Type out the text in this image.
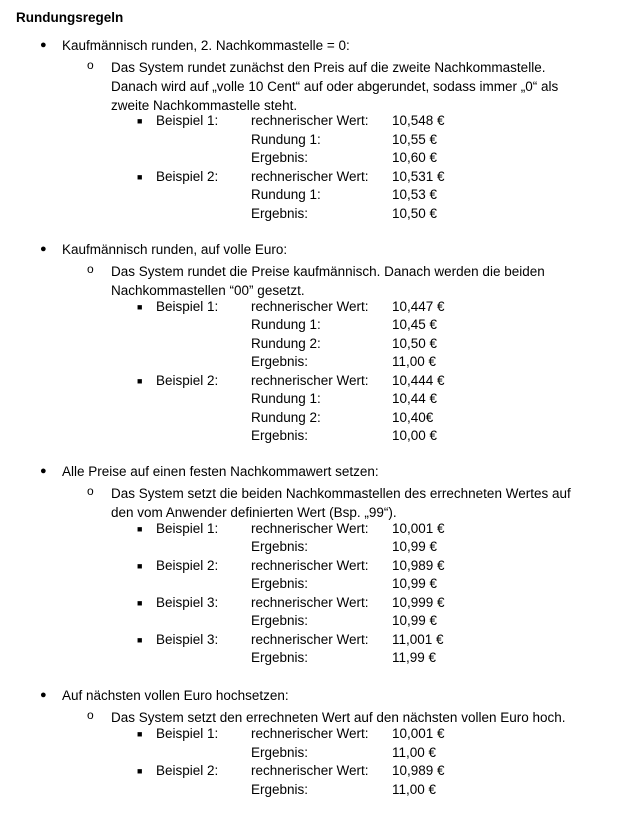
Rundungsregeln
● Kaufmännisch runden, 2. Nachkommastelle = 0:
o Das System rundet zunächst den Preis auf die zweite Nachkommastelle.
Danach wird auf „volle 10 Cent“ auf oder abgerundet, sodass immer „0“ als
zweite Nachkommastelle steht.
■ Beispiel 1: rechnerischer Wert: 10,548 €
Rundung 1:	10,55 €
Ergebnis:	10,60 €
■ Beispiel 2: rechnerischer Wert: 10,531 €
Rundung 1:	10,53 €
Ergebnis:	10,50 €
● Kaufmännisch runden, auf volle Euro:
o Das System rundet die Preise kaufmännisch. Danach werden die beiden
Nachkommastellen “00” gesetzt.
■ Beispiel 1: rechnerischer Wert: 10,447 €
Rundung 1:	10,45 €
Rundung 2:	10,50 €
Ergebnis:	11,00 €
■ Beispiel 2: rechnerischer Wert: 10,444 €
Rundung 1:	10,44 €
Rundung 2:	10,40€
Ergebnis:	10,00 €
● Alle Preise auf einen festen Nachkommawert setzen:
o Das System setzt die beiden Nachkommastellen des errechneten Wertes auf
den vom Anwender definierten Wert (Bsp. „99“).
■ Beispiel 1: rechnerischer Wert: 10,001 €
Ergebnis:	10,99 €
■ Beispiel 2: rechnerischer Wert: 10,989 €
Ergebnis:	10,99 €
■ Beispiel 3: rechnerischer Wert: 10,999 €
Ergebnis:	10,99 €
■ Beispiel 3: rechnerischer Wert: 11,001 €
Ergebnis:	11,99 €
● Auf nächsten vollen Euro hochsetzen:
o Das System setzt den errechneten Wert auf den nächsten vollen Euro hoch.
■ Beispiel 1: rechnerischer Wert: 10,001 €
Ergebnis:	11,00 €
■ Beispiel 2: rechnerischer Wert: 10,989 €
Ergebnis:	11,00 €
